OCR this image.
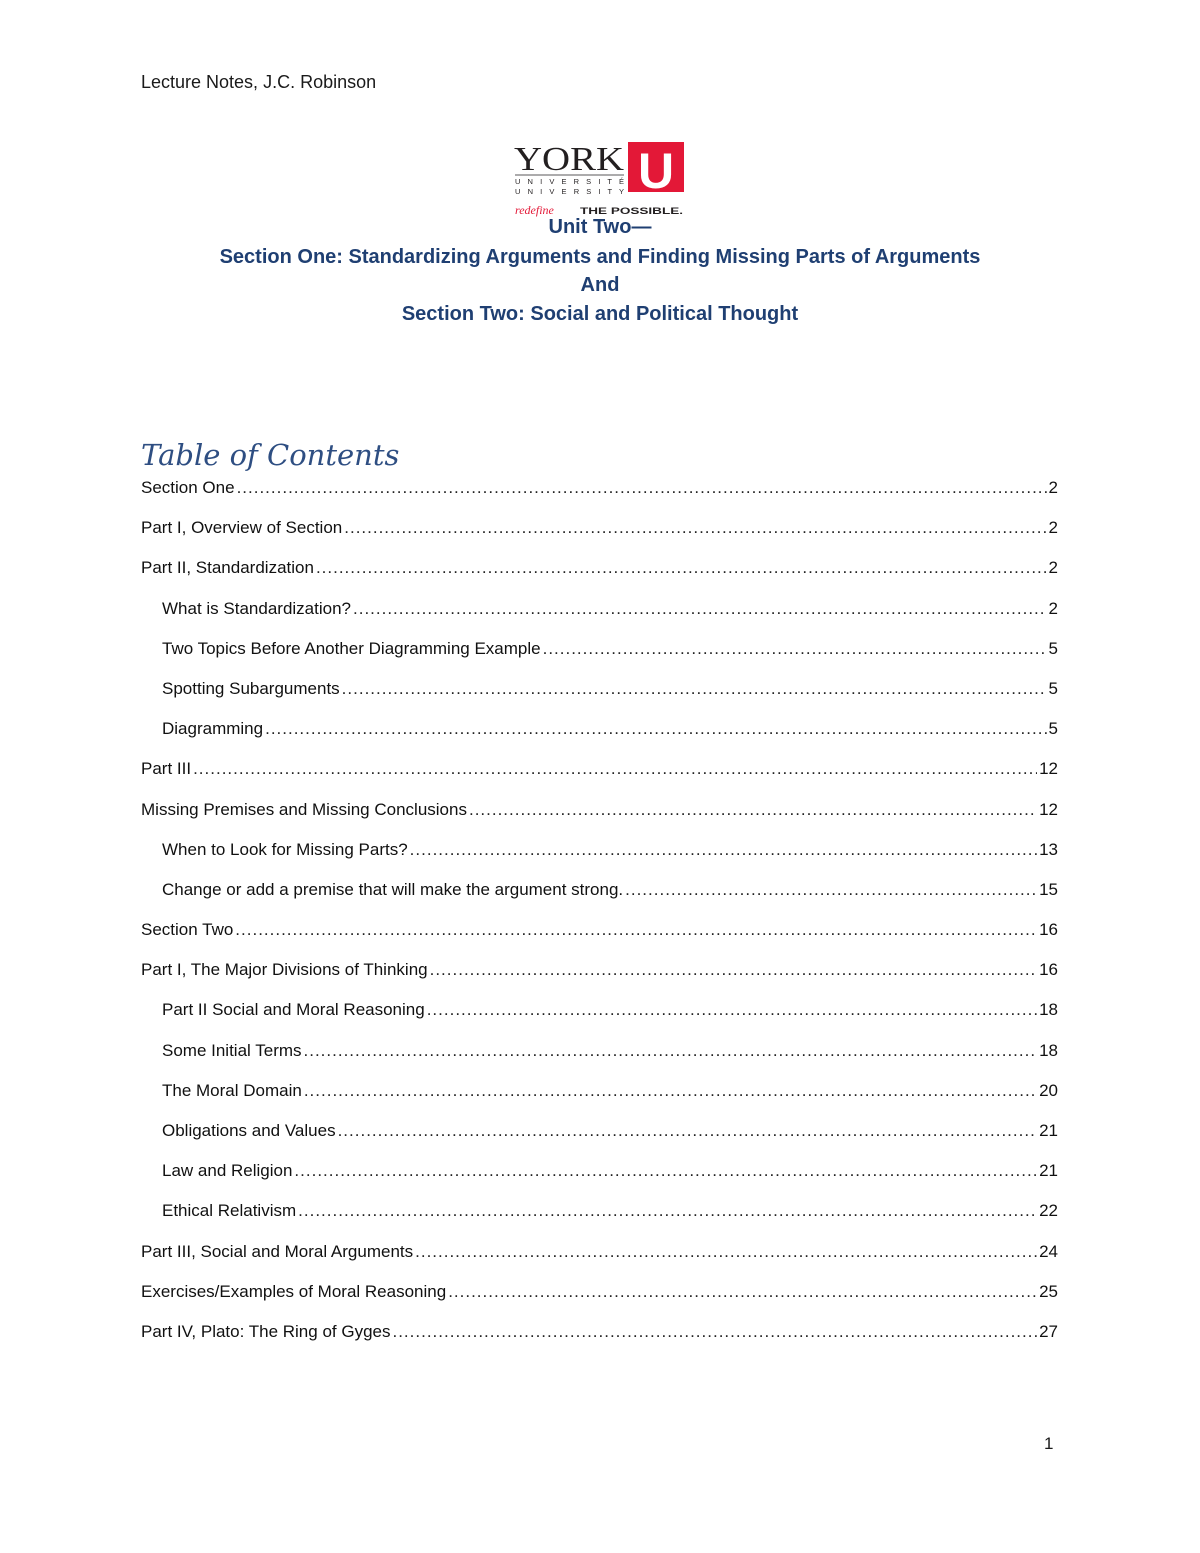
Lecture Notes, J.C. Robinson
YORK
U N I V E R S I T É
U N I V E R S I T Y U
redefine	THE POSSIBLE.
Unit Two—
Section One: Standardizing Arguments and Finding Missing Parts of Arguments
And
Section Two: Social and Political Thought
Table of Contents
Section One .....	2
Part I, Overview of Section .....	2
Part II, Standardization .....	2
What is Standardization? .....	2
Two Topics Before Another Diagramming Example .....	5
Spotting Subarguments .....	5
Diagramming .....	5
Part III .....	12
Missing Premises and Missing Conclusions .....	12
When to Look for Missing Parts? .....	13
Change or add a premise that will make the argument strong. .....	15
Section Two .....	16
Part I, The Major Divisions of Thinking .....	16
Part II Social and Moral Reasoning .....	18
Some Initial Terms .....	18
The Moral Domain .....	20
Obligations and Values .....	21
Law and Religion .....	21
Ethical Relativism .....	22
Part III, Social and Moral Arguments .....	24
Exercises/Examples of Moral Reasoning .....	25
Part IV, Plato: The Ring of Gyges .....	27
1
